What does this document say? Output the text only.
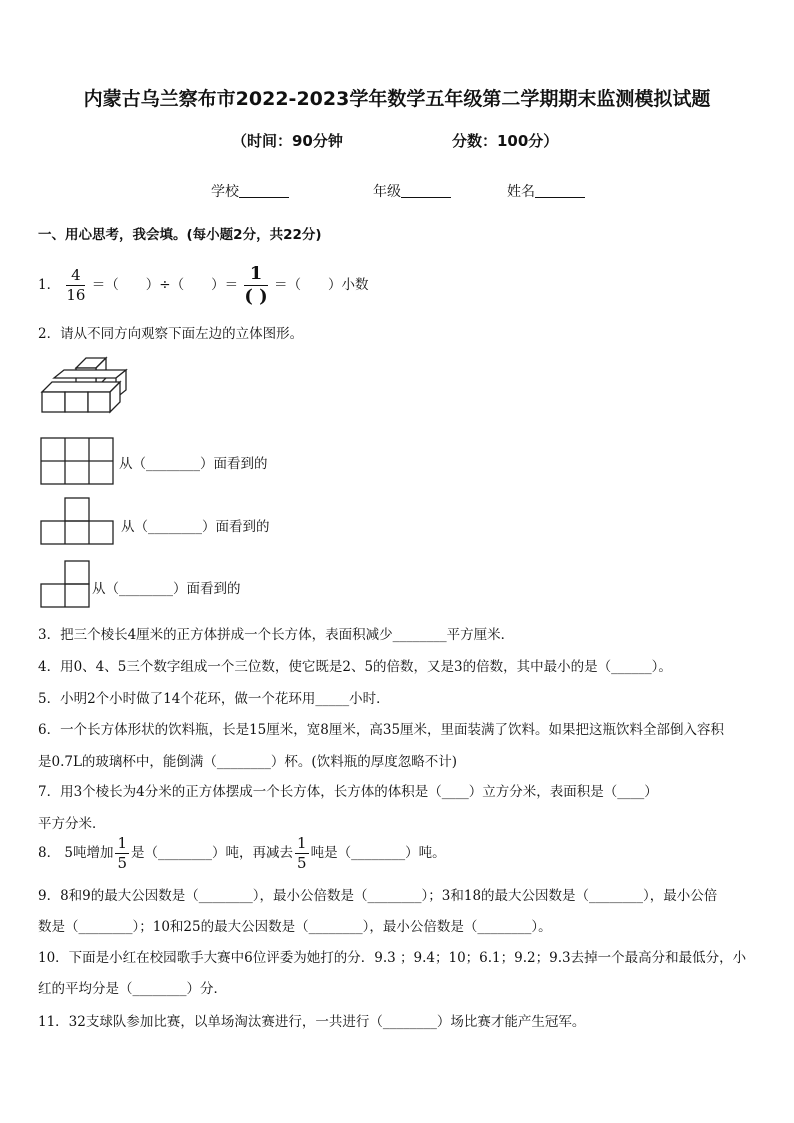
内蒙古乌兰察布市2022-2023学年数学五年级第二学期期末监测模拟试题
（时间：90分钟	分数：100分）
学校	年级	姓名
一、用心思考，我会填。(每小题2分，共22分)
1． $\frac{4}{16}$ ＝（　　）÷（　　）＝ $\frac{1}{( )}$ ＝（　　）小数
2．请从不同方向观察下面左边的立体图形。
从（________）面看到的
从（________）面看到的
从（________）面看到的
3．把三个棱长4厘米的正方体拼成一个长方体，表面积减少________平方厘米．
4．用0、4、5三个数字组成一个三位数，使它既是2、5的倍数，又是3的倍数，其中最小的是（______）。
5．小明2个小时做了14个花环，做一个花环用_____小时．
6．一个长方体形状的饮料瓶，长是15厘米，宽8厘米，高35厘米，里面装满了饮料。如果把这瓶饮料全部倒入容积
是0.7L的玻璃杯中，能倒满（________）杯。(饮料瓶的厚度忽略不计)
7．用3个棱长为4分米的正方体摆成一个长方体，长方体的体积是（____）立方分米，表面积是（____）
平方分米．
8． 5吨增加 $\frac{1}{5}$ 是（________）吨，再减去 $\frac{1}{5}$ 吨是（________）吨。
9．8和9的最大公因数是（________），最小公倍数是（________）；3和18的最大公因数是（________），最小公倍
数是（________）；10和25的最大公因数是（________），最小公倍数是（________）。
10．下面是小红在校园歌手大赛中6位评委为她打的分．9.3 ；9.4；10；6.1；9.2；9.3去掉一个最高分和最低分，小
红的平均分是（________）分．
11．32支球队参加比赛，以单场淘汰赛进行，一共进行（________）场比赛才能产生冠军。
